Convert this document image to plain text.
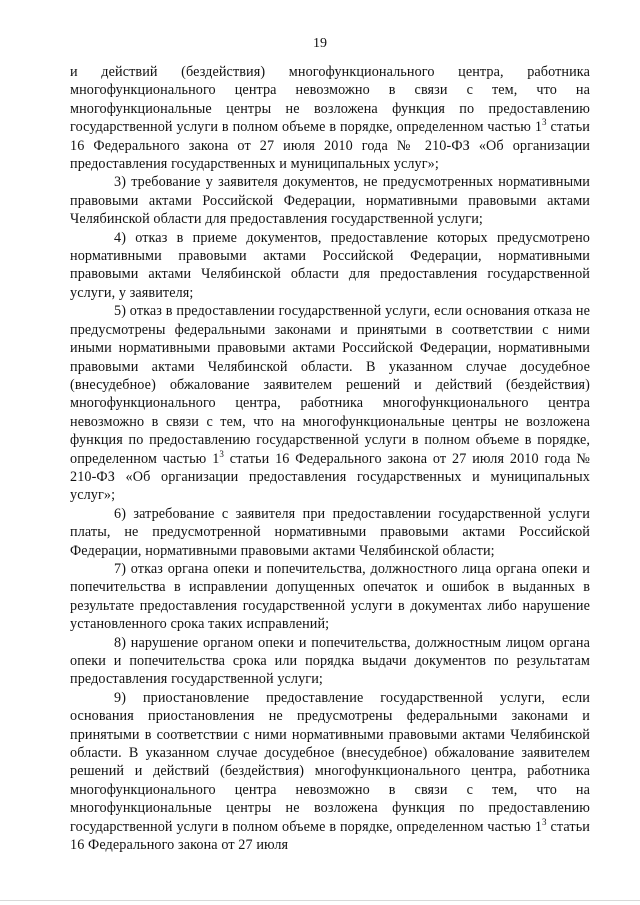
19

и действий (бездействия) многофункционального центра, работника многофункционального центра невозможно в связи с тем, что на многофункциональные центры не возложена функция по предоставлению государственной услуги в полном объеме в порядке, определенном частью $1^3$ статьи 16 Федерального закона от 27 июля 2010 года № 210-ФЗ «Об организации предоставления государственных и муниципальных услуг»;

3) требование у заявителя документов, не предусмотренных нормативными правовыми актами Российской Федерации, нормативными правовыми актами Челябинской области для предоставления государственной услуги;

4) отказ в приеме документов, предоставление которых предусмотрено нормативными правовыми актами Российской Федерации, нормативными правовыми актами Челябинской области для предоставления государственной услуги, у заявителя;

5) отказ в предоставлении государственной услуги, если основания отказа не предусмотрены федеральными законами и принятыми в соответствии с ними иными нормативными правовыми актами Российской Федерации, нормативными правовыми актами Челябинской области. В указанном случае досудебное (внесудебное) обжалование заявителем решений и действий (бездействия) многофункционального центра, работника многофункционального центра невозможно в связи с тем, что на многофункциональные центры не возложена функция по предоставлению государственной услуги в полном объеме в порядке, определенном частью $1^3$ статьи 16 Федерального закона от 27 июля 2010 года № 210-ФЗ «Об организации предоставления государственных и муниципальных услуг»;

6) затребование с заявителя при предоставлении государственной услуги платы, не предусмотренной нормативными правовыми актами Российской Федерации, нормативными правовыми актами Челябинской области;

7) отказ органа опеки и попечительства, должностного лица органа опеки и попечительства в исправлении допущенных опечаток и ошибок в выданных в результате предоставления государственной услуги в документах либо нарушение установленного срока таких исправлений;

8) нарушение органом опеки и попечительства, должностным лицом органа опеки и попечительства срока или порядка выдачи документов по результатам предоставления государственной услуги;

9) приостановление предоставление государственной услуги, если основания приостановления не предусмотрены федеральными законами и принятыми в соответствии с ними нормативными правовыми актами Челябинской области. В указанном случае досудебное (внесудебное) обжалование заявителем решений и действий (бездействия) многофункционального центра, работника многофункционального центра невозможно в связи с тем, что на многофункциональные центры не возложена функция по предоставлению государственной услуги в полном объеме в порядке, определенном частью $1^3$ статьи 16 Федерального закона от 27 июля
